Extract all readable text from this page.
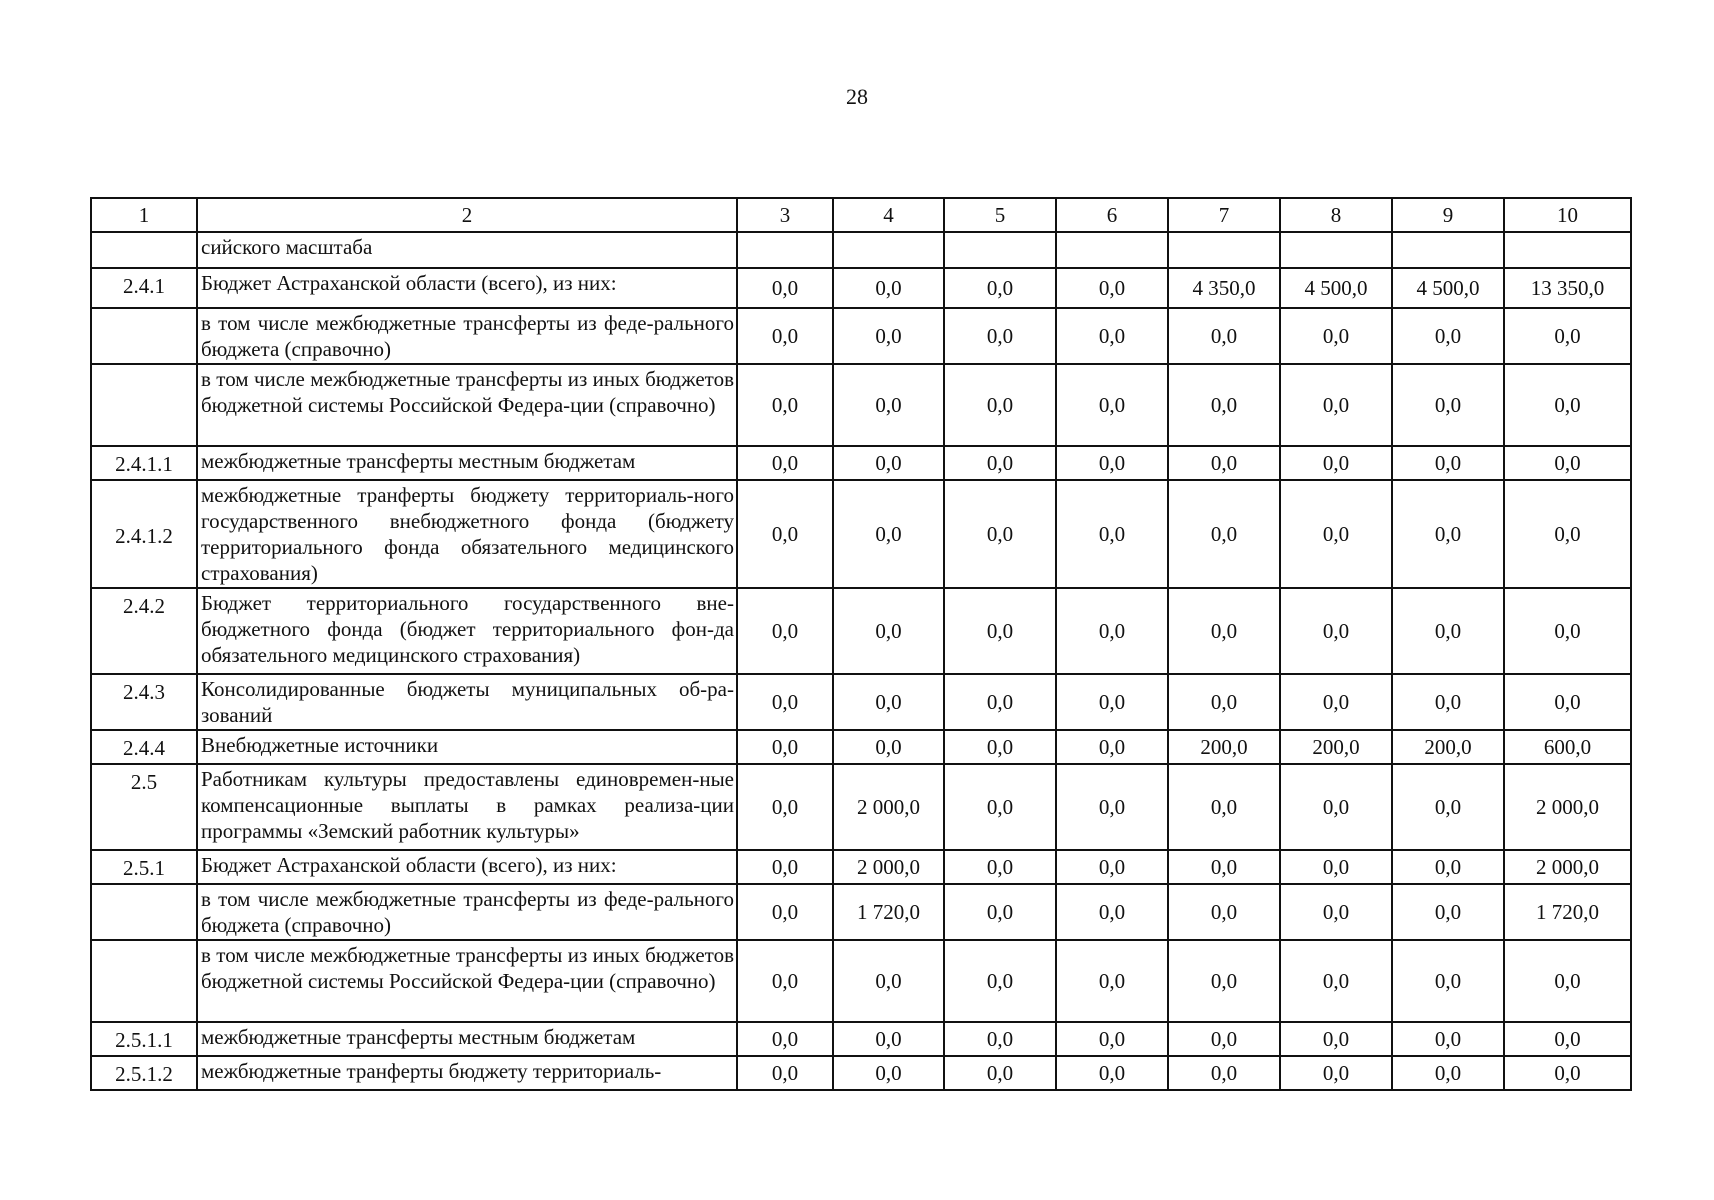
28
1	2	3	4	5	6	7	8	9	10
	сийского масштаба								
2.4.1	Бюджет Астраханской области (всего), из них:	0,0	0,0	0,0	0,0	4 350,0	4 500,0	4 500,0	13 350,0
	в том числе межбюджетные трансферты из феде-рального бюджета (справочно)	0,0	0,0	0,0	0,0	0,0	0,0	0,0	0,0
	в том числе межбюджетные трансферты из иных бюджетов бюджетной системы Российской Федера-ции (справочно)	0,0	0,0	0,0	0,0	0,0	0,0	0,0	0,0
2.4.1.1	межбюджетные трансферты местным бюджетам	0,0	0,0	0,0	0,0	0,0	0,0	0,0	0,0
2.4.1.2	межбюджетные транферты бюджету территориаль-ного государственного внебюджетного фонда (бюджету территориального фонда обязательного медицинского страхования)	0,0	0,0	0,0	0,0	0,0	0,0	0,0	0,0
2.4.2	Бюджет территориального государственного вне-бюджетного фонда (бюджет территориального фон-да обязательного медицинского страхования)	0,0	0,0	0,0	0,0	0,0	0,0	0,0	0,0
2.4.3	Консолидированные бюджеты муниципальных об-ра-зований	0,0	0,0	0,0	0,0	0,0	0,0	0,0	0,0
2.4.4	Внебюджетные источники	0,0	0,0	0,0	0,0	200,0	200,0	200,0	600,0
2.5	Работникам культуры предоставлены единовремен-ные компенсационные выплаты в рамках реализа-ции программы «Земский работник культуры»	0,0	2 000,0	0,0	0,0	0,0	0,0	0,0	2 000,0
2.5.1	Бюджет Астраханской области (всего), из них:	0,0	2 000,0	0,0	0,0	0,0	0,0	0,0	2 000,0
	в том числе межбюджетные трансферты из феде-рального бюджета (справочно)	0,0	1 720,0	0,0	0,0	0,0	0,0	0,0	1 720,0
	в том числе межбюджетные трансферты из иных бюджетов бюджетной системы Российской Федера-ции (справочно)	0,0	0,0	0,0	0,0	0,0	0,0	0,0	0,0
2.5.1.1	межбюджетные трансферты местным бюджетам	0,0	0,0	0,0	0,0	0,0	0,0	0,0	0,0
2.5.1.2	межбюджетные транферты бюджету территориаль-	0,0	0,0	0,0	0,0	0,0	0,0	0,0	0,0
